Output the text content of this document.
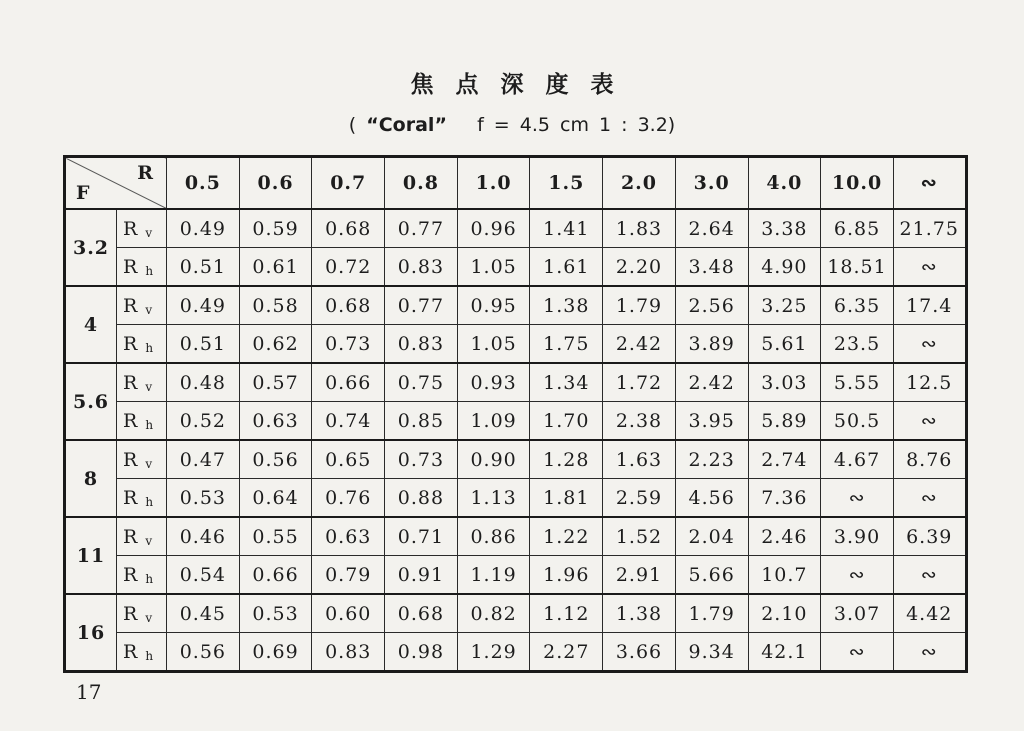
焦点深度表
( “Coral” f = 4.5 cm 1 : 3.2)
R
F		0.5	0.6	0.7	0.8	1.0	1.5	2.0	3.0	4.0	10.0	∾
3.2	R $_v$	0.49	0.59	0.68	0.77	0.96	1.41	1.83	2.64	3.38	6.85	21.75
	R $_h$	0.51	0.61	0.72	0.83	1.05	1.61	2.20	3.48	4.90	18.51	∾
4	R $_v$	0.49	0.58	0.68	0.77	0.95	1.38	1.79	2.56	3.25	6.35	17.4
	R $_h$	0.51	0.62	0.73	0.83	1.05	1.75	2.42	3.89	5.61	23.5	∾
5.6	R $_v$	0.48	0.57	0.66	0.75	0.93	1.34	1.72	2.42	3.03	5.55	12.5
	R $_h$	0.52	0.63	0.74	0.85	1.09	1.70	2.38	3.95	5.89	50.5	∾
8	R $_v$	0.47	0.56	0.65	0.73	0.90	1.28	1.63	2.23	2.74	4.67	8.76
	R $_h$	0.53	0.64	0.76	0.88	1.13	1.81	2.59	4.56	7.36	∾	∾
11	R $_v$	0.46	0.55	0.63	0.71	0.86	1.22	1.52	2.04	2.46	3.90	6.39
	R $_h$	0.54	0.66	0.79	0.91	1.19	1.96	2.91	5.66	10.7	∾	∾
16	R $_v$	0.45	0.53	0.60	0.68	0.82	1.12	1.38	1.79	2.10	3.07	4.42
	R $_h$	0.56	0.69	0.83	0.98	1.29	2.27	3.66	9.34	42.1	∾	∾
17
